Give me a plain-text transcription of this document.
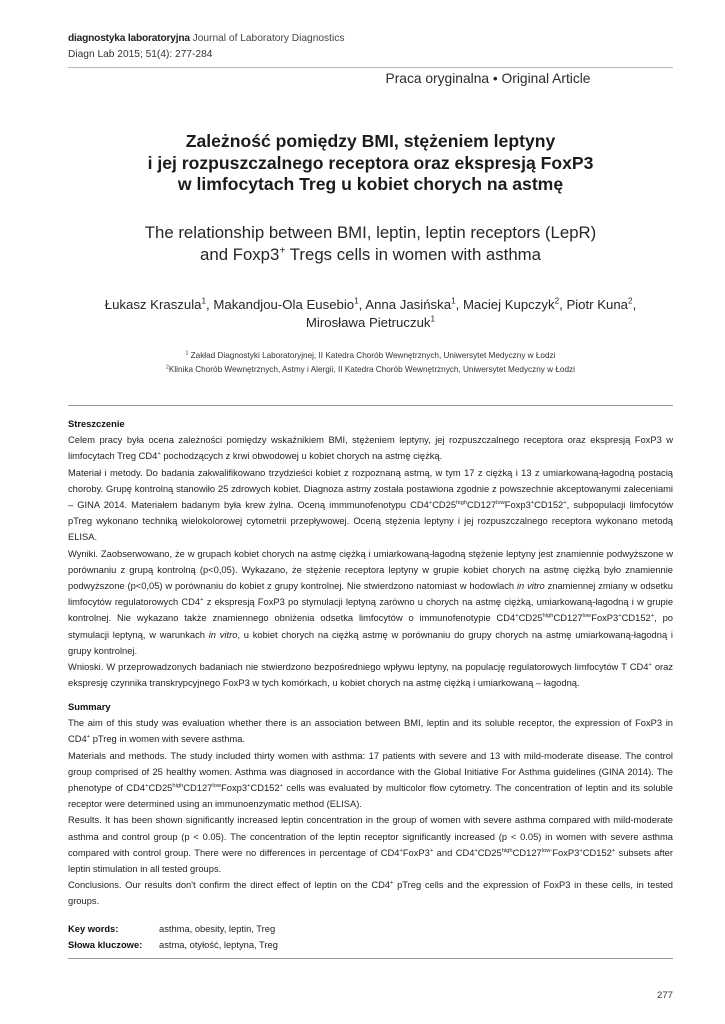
diagnostyka laboratoryjna Journal of Laboratory Diagnostics
Diagn Lab 2015; 51(4): 277-284
Praca oryginalna • Original Article
Zależność pomiędzy BMI, stężeniem leptyny
i jej rozpuszczalnego receptora oraz ekspresją FoxP3
w limfocytach Treg u kobiet chorych na astmę
The relationship between BMI, leptin, leptin receptors (LepR)
and Foxp3+ Tregs cells in women with asthma
Łukasz Kraszula$^1$, Makandjou-Ola Eusebio$^1$, Anna Jasińska$^1$, Maciej Kupczyk$^2$, Piotr Kuna$^2$,
Mirosława Pietruczuk$^1$
$^1$ Zakład Diagnostyki Laboratoryjnej, II Katedra Chorób Wewnętrznych, Uniwersytet Medyczny w Łodzi
$^2$Klinika Chorób Wewnętrznych, Astmy i Alergii, II Katedra Chorób Wewnętrznych, Uniwersytet Medyczny w Łodzi

Streszczenie

Celem pracy była ocena zależności pomiędzy wskaźnikiem BMI, stężeniem leptyny, jej rozpuszczalnego receptora oraz ekspresją FoxP3 w limfocytach Treg CD4+ pochodzących z krwi obwodowej u kobiet chorych na astmę ciężką.

Materiał i metody. Do badania zakwalifikowano trzydzieści kobiet z rozpoznaną astmą, w tym 17 z ciężką i 13 z umiarkowaną-łagodną postacią choroby. Grupę kontrolną stanowiło 25 zdrowych kobiet. Diagnoza astmy została postawiona zgodnie z powszechnie akceptowanymi zaleceniami – GINA 2014. Materiałem badanym była krew żylna. Oceną immmunofenotypu $CD4^+CD25^{high}CD127^{low}Foxp3^+CD152^+$, subpopulacji limfocytów pTreg wykonano techniką wielokolorowej cytometrii przepływowej. Oceną stężenia leptyny i jej rozpuszczalnego receptora wykonano metodą ELISA.

Wyniki. Zaobserwowano, że w grupach kobiet chorych na astmę ciężką i umiarkowaną-łagodną stężenie leptyny jest znamiennie podwyższone w porównaniu z grupą kontrolną (p<0,05). Wykazano, że stężenie receptora leptyny w grupie kobiet chorych na astmę ciężką było znamiennie podwyższone (p<0,05) w porównaniu do kobiet z grupy kontrolnej. Nie stwierdzono natomiast w hodowlach in vitro znamiennej zmiany w odsetku limfocytów regulatorowych CD4+ z ekspresją FoxP3 po stymulacji leptyną zarówno u chorych na astmę ciężką, umiarkowaną-łagodną i w grupie kontrolnej. Nie wykazano także znamiennego obniżenia odsetka limfocytów o immunofenotypie $CD4^+CD25^{high}CD127^{low}FoxP3^+CD152^+$, po stymulacji leptyną, w warunkach in vitro, u kobiet chorych na ciężką astmę w porównaniu do grupy chorych na astmę umiarkowaną-łagodną i grupy kontrolnej.

Wnioski. W przeprowadzonych badaniach nie stwierdzono bezpośredniego wpływu leptyny, na populację regulatorowych limfocytów T CD4+ oraz ekspresję czynnika transkrypcyjnego FoxP3 w tych komórkach, u kobiet chorych na astmę ciężką i umiarkowaną – łagodną.

Summary

The aim of this study was evaluation whether there is an association between BMI, leptin and its soluble receptor, the expression of FoxP3 in CD4+ pTreg in women with severe asthma.

Materials and methods. The study included thirty women with asthma: 17 patients with severe and 13 with mild-moderate disease. The control group comprised of 25 healthy women. Asthma was diagnosed in accordance with the Global Initiative For Asthma guidelines (GINA 2014). The phenotype of $CD4^+CD25^{high}CD127^{low}Foxp3^+CD152^+$ cells was evaluated by multicolor flow cytometry. The concentration of leptin and its soluble receptor were determined using an immunoenzymatic method (ELISA).

Results. It has been shown significantly increased leptin concentration in the group of women with severe asthma compared with mild-moderate asthma and control group (p < 0.05). The concentration of the leptin receptor significantly increased (p < 0.05) in women with severe asthma compared with control group. There were no differences in percentage of CD4+FoxP3+ and $CD4^+CD25^{high}CD127^{low-}FoxP3^+CD152^+$ subsets after leptin stimulation in all tested groups.

Conclusions. Our results don't confirm the direct effect of leptin on the CD4+ pTreg cells and the expression of FoxP3 in these cells, in tested groups.

Key words:	asthma, obesity, leptin, Treg
Słowa kluczowe: astma, otyłość, leptyna, Treg
277
